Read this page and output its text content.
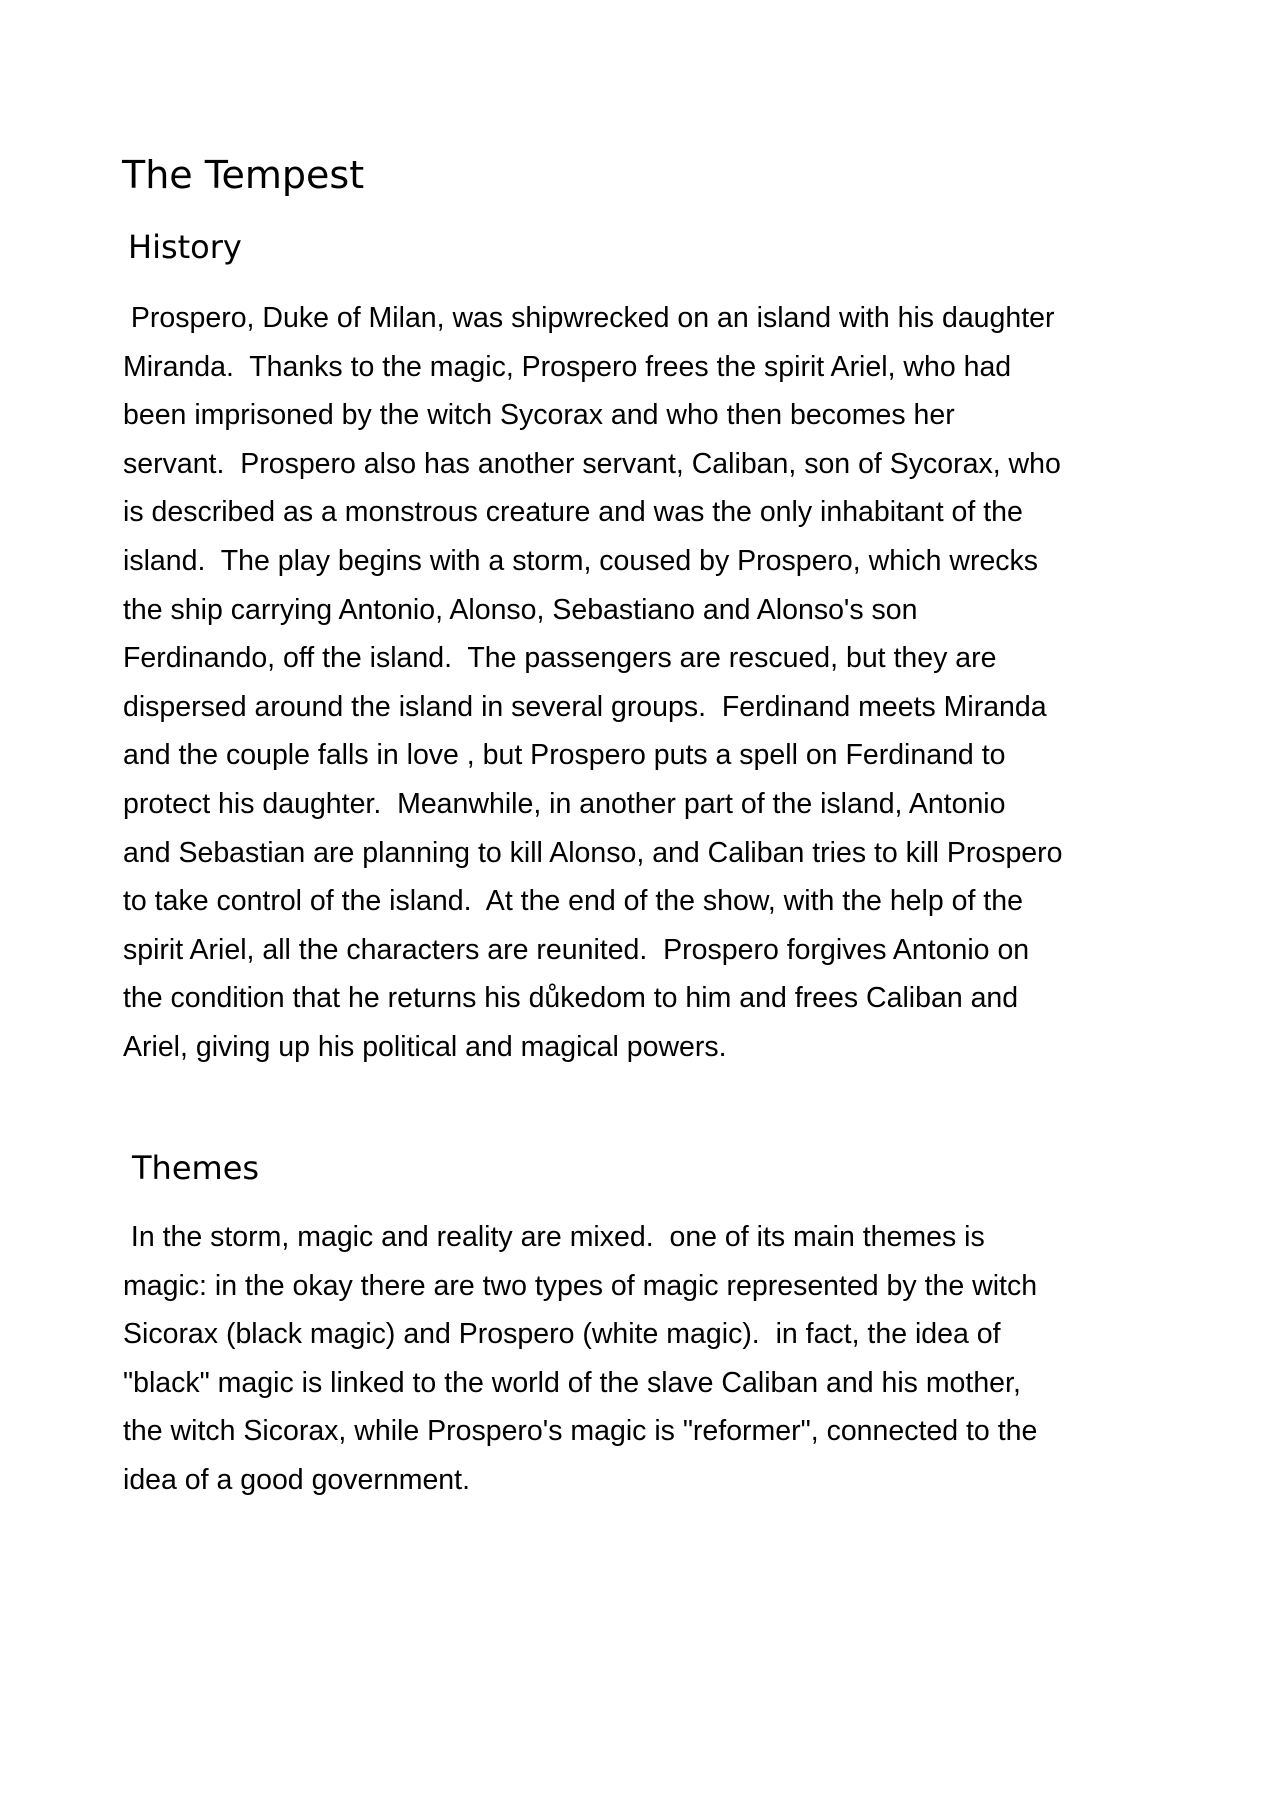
The Tempest
History
Prospero, Duke of Milan, was shipwrecked on an island with his daughter
Miranda.  Thanks to the magic, Prospero frees the spirit Ariel, who had
been imprisoned by the witch Sycorax and who then becomes her
servant.  Prospero also has another servant, Caliban, son of Sycorax, who
is described as a monstrous creature and was the only inhabitant of the
island.  The play begins with a storm, coused by Prospero, which wrecks
the ship carrying Antonio, Alonso, Sebastiano and Alonso's son
Ferdinando, off the island.  The passengers are rescued, but they are
dispersed around the island in several groups.  Ferdinand meets Miranda
and the couple falls in love , but Prospero puts a spell on Ferdinand to
protect his daughter.  Meanwhile, in another part of the island, Antonio
and Sebastian are planning to kill Alonso, and Caliban tries to kill Prospero
to take control of the island.  At the end of the show, with the help of the
spirit Ariel, all the characters are reunited.  Prospero forgives Antonio on
the condition that he returns his důkedom to him and frees Caliban and
Ariel, giving up his political and magical powers.
Themes
In the storm, magic and reality are mixed.  one of its main themes is
magic: in the okay there are two types of magic represented by the witch
Sicorax (black magic) and Prospero (white magic).  in fact, the idea of
"black" magic is linked to the world of the slave Caliban and his mother,
the witch Sicorax, while Prospero's magic is "reformer", connected to the
idea of a good government.
